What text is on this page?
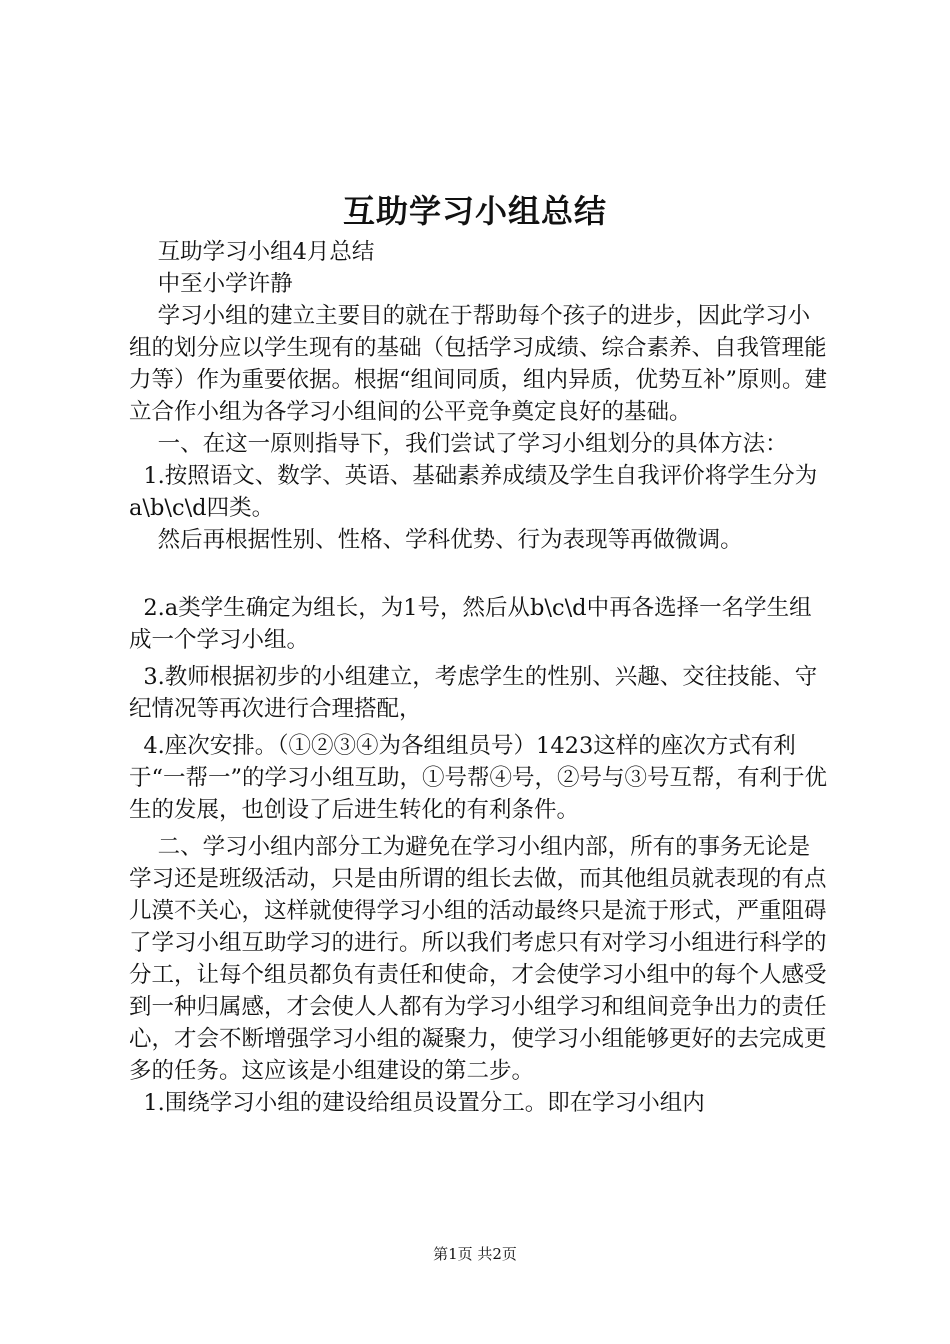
互助学习小组总结

互助学习小组4月总结

中至小学许静

学习小组的建立主要目的就在于帮助每个孩子的进步，因此学习小组的划分应以学生现有的基础（包括学习成绩、综合素养、自我管理能力等）作为重要依据。根据“组间同质，组内异质，优势互补”原则。建立合作小组为各学习小组间的公平竞争奠定良好的基础。

一、在这一原则指导下，我们尝试了学习小组划分的具体方法：

1.按照语文、数学、英语、基础素养成绩及学生自我评价将学生分为a\b\c\d四类。

然后再根据性别、性格、学科优势、行为表现等再做微调。

2.a类学生确定为组长，为1号，然后从b\c\d中再各选择一名学生组成一个学习小组。

3.教师根据初步的小组建立，考虑学生的性别、兴趣、交往技能、守纪情况等再次进行合理搭配，

4.座次安排。（①②③④为各组组员号）1423这样的座次方式有利于“一帮一”的学习小组互助，①号帮④号，②号与③号互帮，有利于优生的发展，也创设了后进生转化的有利条件。

二、学习小组内部分工为避免在学习小组内部，所有的事务无论是学习还是班级活动，只是由所谓的组长去做，而其他组员就表现的有点儿漠不关心，这样就使得学习小组的活动最终只是流于形式，严重阻碍了学习小组互助学习的进行。所以我们考虑只有对学习小组进行科学的分工，让每个组员都负有责任和使命，才会使学习小组中的每个人感受到一种归属感，才会使人人都有为学习小组学习和组间竞争出力的责任心，才会不断增强学习小组的凝聚力，使学习小组能够更好的去完成更多的任务。这应该是小组建设的第二步。

1.围绕学习小组的建设给组员设置分工。即在学习小组内

第1页 共2页
